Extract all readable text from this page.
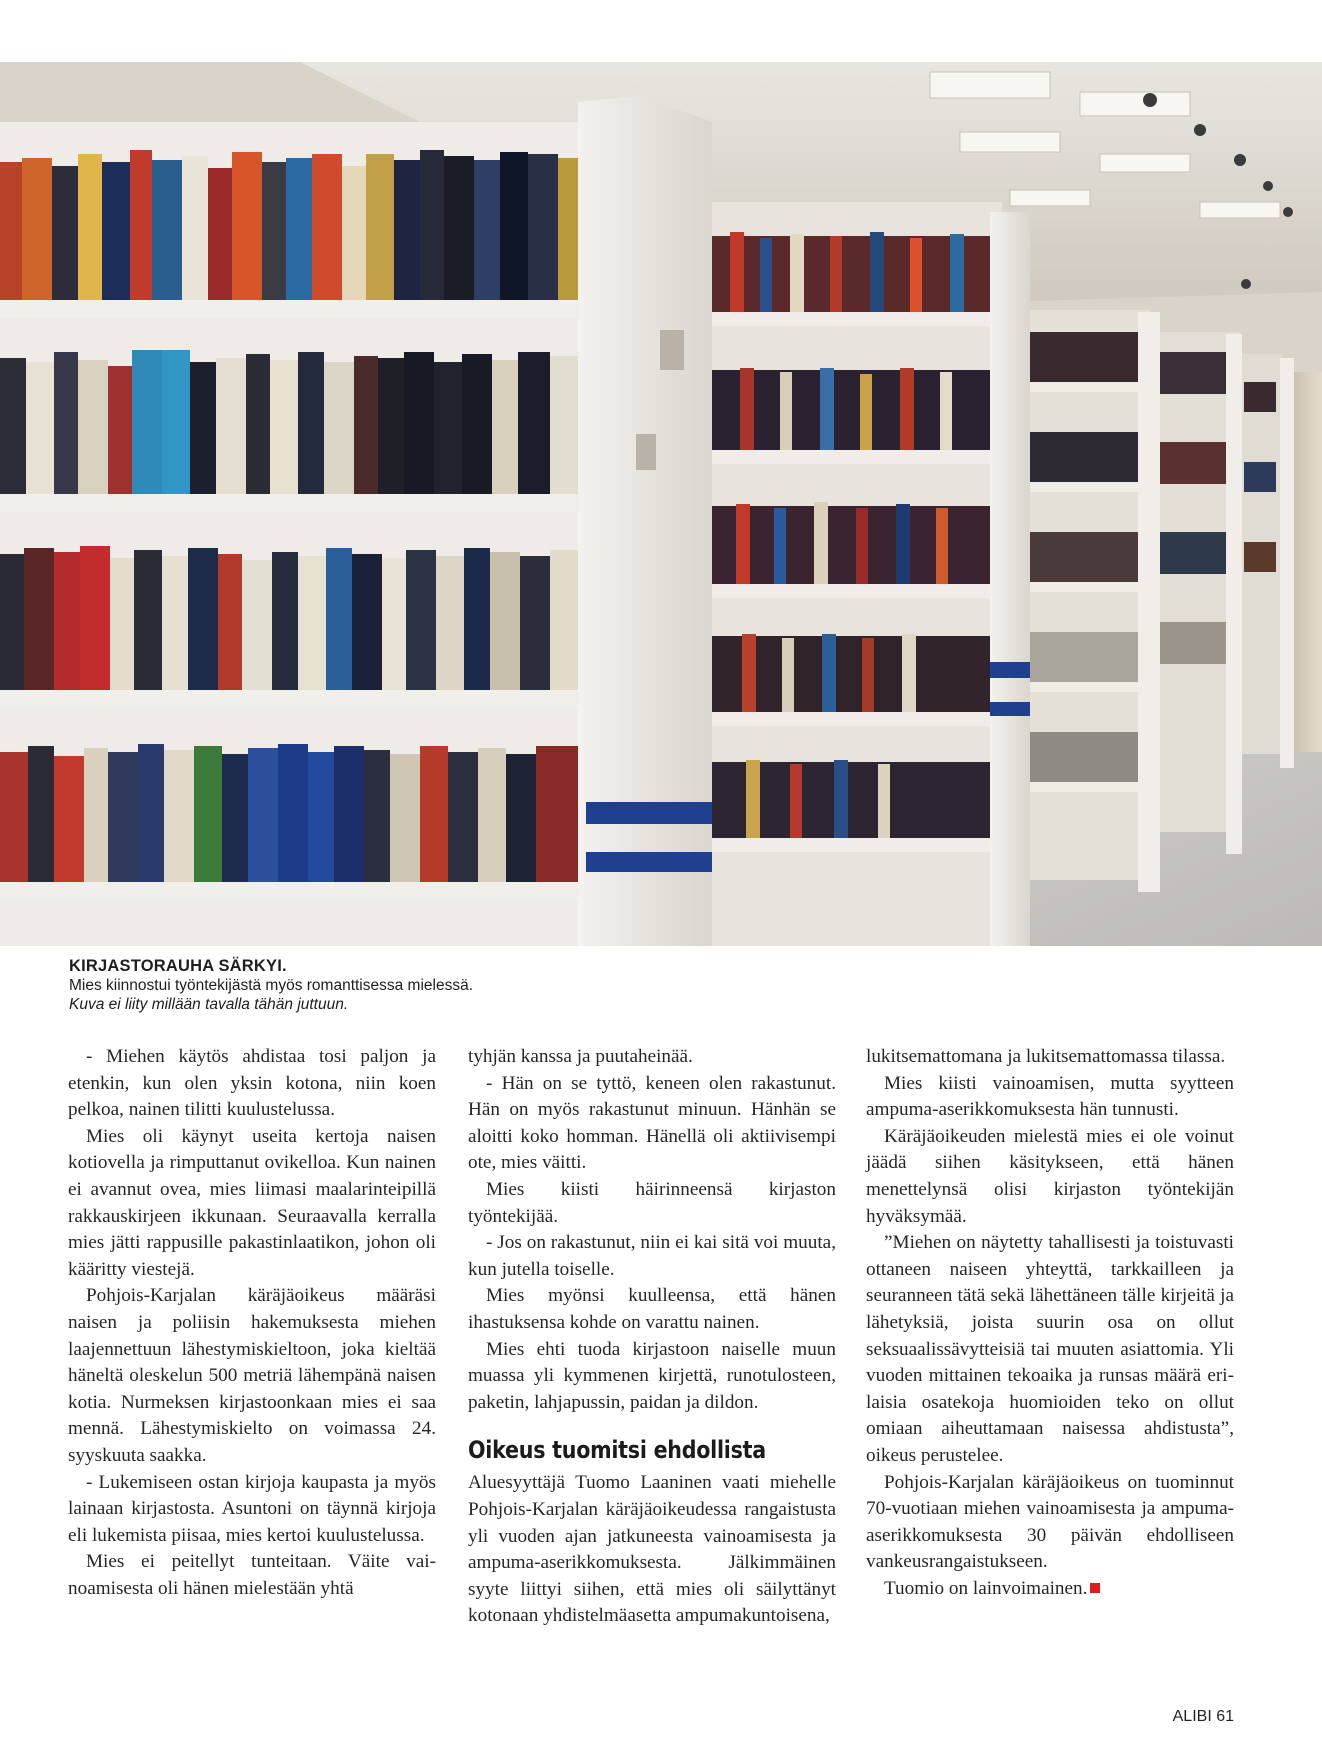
KIRJASTORAUHA SÄRKYI.
Mies kiinnostui työntekijästä myös romanttisessa mielessä.
Kuva ei liity millään tavalla tähän juttuun.

- Miehen käytös ahdistaa tosi paljon ja etenkin, kun olen yksin kotona, niin koen pelkoa, nainen tilitti kuulustelussa.

Mies oli käynyt useita kertoja naisen kotiovella ja rimputtanut ovikelloa. Kun nainen ei avannut ovea, mies liimasi maalarinteipillä rakkauskirjeen ikkunaan. Seuraavalla kerralla mies jätti rappusille pakastinlaatikon, johon oli kääritty viestejä.

Pohjois-Karjalan käräjäoikeus määräsi naisen ja poliisin hakemuksesta miehen laajennettuun lähestymiskieltoon, joka kieltää häneltä oleskelun 500 metriä lähempänä naisen kotia. Nurmeksen kirjastoonkaan mies ei saa mennä. Lähestymiskielto on voimassa 24. syyskuuta saakka.

- Lukemiseen ostan kirjoja kaupasta ja myös lainaan kirjastosta. Asuntoni on täynnä kirjoja eli lukemista piisaa, mies kertoi kuulustelussa.

Mies ei peitellyt tunteitaan. Väite vainoamisesta oli hänen mielestään yhtä

tyhjän kanssa ja puutaheinää.

- Hän on se tyttö, keneen olen rakastunut. Hän on myös rakastunut minuun. Hänhän se aloitti koko homman. Hänellä oli aktiivisempi ote, mies väitti.

Mies kiisti häirinneensä kirjaston työntekijää.

- Jos on rakastunut, niin ei kai sitä voi muuta, kun jutella toiselle.

Mies myönsi kuulleensa, että hänen ihastuksensa kohde on varattu nainen.

Mies ehti tuoda kirjastoon naiselle muun muassa yli kymmenen kirjettä, runotulosteen, paketin, lahjapussin, paidan ja dildon.

Oikeus tuomitsi ehdollista

Aluesyyttäjä Tuomo Laaninen vaati miehelle Pohjois-Karjalan käräjäoikeudessa rangaistusta yli vuoden ajan jatkuneesta vainoamisesta ja ampuma-aserikkomuksesta. Jälkimmäinen syyte liittyi siihen, että mies oli säilyttänyt kotonaan yhdistelmäasetta ampumakuntoisena,

lukitsemattomana ja lukitsemattomassa tilassa.

Mies kiisti vainoamisen, mutta syytteen ampuma-aserikkomuksesta hän tunnusti.

Käräjäoikeuden mielestä mies ei ole voinut jäädä siihen käsitykseen, että hänen menettelynsä olisi kirjaston työntekijän hyväksymää.

”Miehen on näytetty tahallisesti ja toistuvasti ottaneen naiseen yhteyttä, tarkkailleen ja seuranneen tätä sekä lähettäneen tälle kirjeitä ja lähetyksiä, joista suurin osa on ollut seksuaalissävytteisiä tai muuten asiattomia. Yli vuoden mittainen tekoaika ja runsas määrä erilaisia osatekoja huomioiden teko on ollut omiaan aiheuttamaan naisessa ahdistusta”, oikeus perustelee.

Pohjois-Karjalan käräjäoikeus on tuominnut 70-vuotiaan miehen vainoamisesta ja ampuma-aserikkomuksesta 30 päivän ehdolliseen vankeusrangaistukseen.

Tuomio on lainvoimainen.

ALIBI 61
